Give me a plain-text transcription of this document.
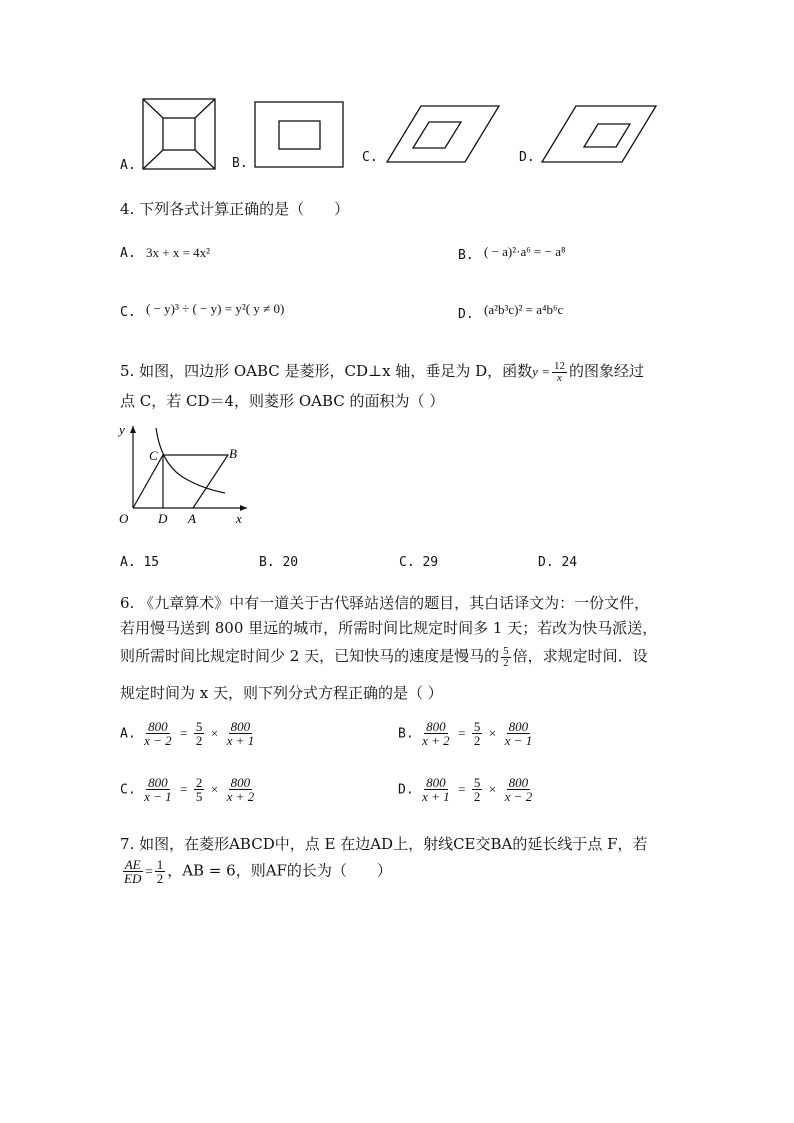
A.	B.	C.	D.
4. 下列各式计算正确的是（　　）
A. 3x + x = 4x²	B. ( − a)²·a⁶ = − a⁸
C. ( − y)³ ÷ ( − y) = y²( y ≠ 0)	D. (a²b³c)² = a⁴b⁶c
5. 如图，四边形 OABC 是菱形，CD⊥x 轴，垂足为 D，函数$y = \frac{12}{x}$ 的图象经过
点 C，若 CD＝4，则菱形 OABC 的面积为（ ）
y
x
O
C	B
D A
A. 15	B. 20	C. 29	D. 24
6. 《九章算术》中有一道关于古代驿站送信的题目，其白话译文为：一份文件，
若用慢马送到 800 里远的城市，所需时间比规定时间多 1 天；若改为快马派送，
则所需时间比规定时间少 2 天，已知快马的速度是慢马的 $\frac{5}{2}$ 倍，求规定时间．设
规定时间为 x 天，则下列分式方程正确的是（ ）
A. $\frac{800}{x - 2} = \frac{5}{2} \times \frac{800}{x + 1}$	B. $\frac{800}{x + 2} = \frac{5}{2} \times \frac{800}{x - 1}$
C. $\frac{800}{x - 1} = \frac{2}{5} \times \frac{800}{x + 2}$	D. $\frac{800}{x + 1} = \frac{5}{2} \times \frac{800}{x - 2}$
7. 如图，在菱形ABCD中，点 E 在边AD上，射线CE交BA的延长线于点 F，若
$\frac{AE}{ED} = \frac{1}{2}$ ，AB = 6，则AF的长为（　　）
